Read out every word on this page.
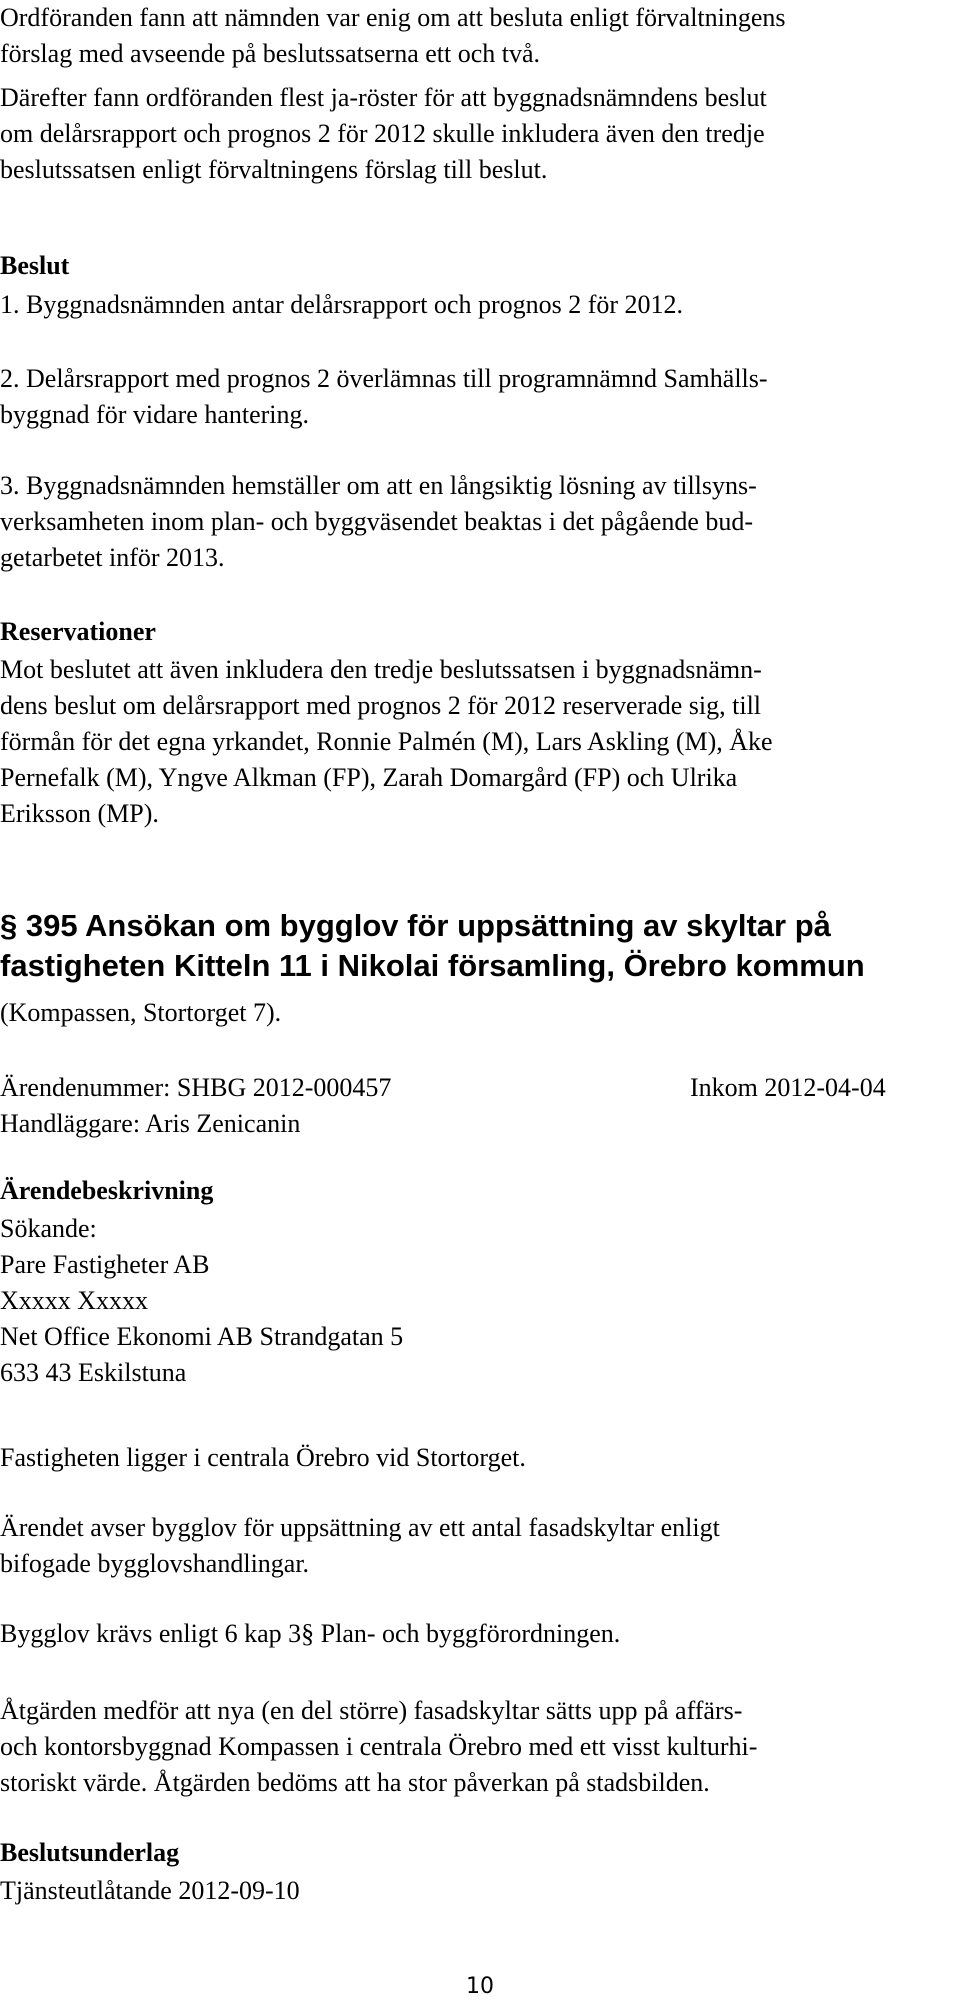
Ordföranden fann att nämnden var enig om att besluta enligt förvaltningens
förslag med avseende på beslutssatserna ett och två.

Därefter fann ordföranden flest ja-röster för att byggnadsnämndens beslut
om delårsrapport och prognos 2 för 2012 skulle inkludera även den tredje
beslutssatsen enligt förvaltningens förslag till beslut.

Beslut

1. Byggnadsnämnden antar delårsrapport och prognos 2 för 2012.

2. Delårsrapport med prognos 2 överlämnas till programnämnd Samhälls-
byggnad för vidare hantering.

3. Byggnadsnämnden hemställer om att en långsiktig lösning av tillsyns-
verksamheten inom plan- och byggväsendet beaktas i det pågående bud-
getarbetet inför 2013.

Reservationer

Mot beslutet att även inkludera den tredje beslutssatsen i byggnadsnämn-
dens beslut om delårsrapport med prognos 2 för 2012 reserverade sig, till
förmån för det egna yrkandet, Ronnie Palmén (M), Lars Askling (M), Åke
Pernefalk (M), Yngve Alkman (FP), Zarah Domargård (FP) och Ulrika
Eriksson (MP).

§ 395 Ansökan om bygglov för uppsättning av skyltar på
fastigheten Kitteln 11 i Nikolai församling, Örebro kommun

(Kompassen, Stortorget 7).

Ärendenummer: SHBG 2012-000457	Inkom 2012-04-04

Handläggare: Aris Zenicanin

Ärendebeskrivning

Sökande:
Pare Fastigheter AB
Xxxxx Xxxxx
Net Office Ekonomi AB Strandgatan 5
633 43 Eskilstuna

Fastigheten ligger i centrala Örebro vid Stortorget.

Ärendet avser bygglov för uppsättning av ett antal fasadskyltar enligt
bifogade bygglovshandlingar.

Bygglov krävs enligt 6 kap 3§ Plan- och byggförordningen.

Åtgärden medför att nya (en del större) fasadskyltar sätts upp på affärs-
och kontorsbyggnad Kompassen i centrala Örebro med ett visst kulturhi-
storiskt värde. Åtgärden bedöms att ha stor påverkan på stadsbilden.

Beslutsunderlag

Tjänsteutlåtande 2012-09-10

10
